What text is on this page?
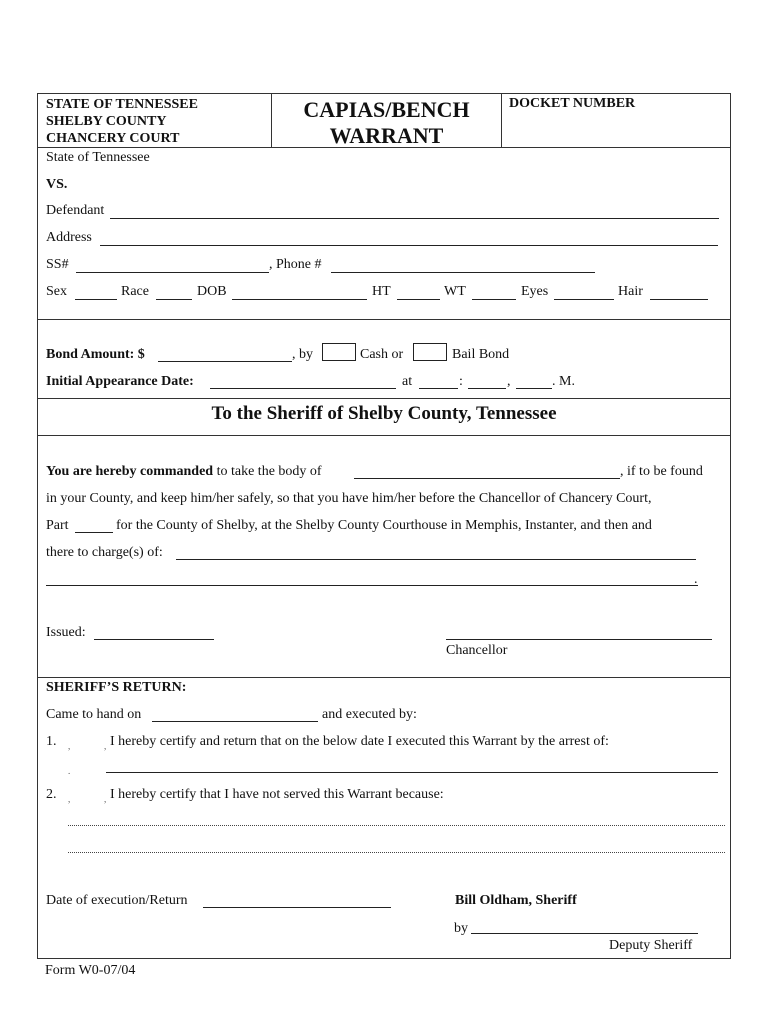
STATE OF TENNESSEE
SHELBY COUNTY
CHANCERY COURT
CAPIAS/BENCH
WARRANT
DOCKET NUMBER
State of Tennessee
VS.
Defendant
Address
SS#	, Phone #
Sex	Race	DOB	HT	WT	Eyes	Hair
Bond Amount: $	, by	Cash or	Bail Bond
Initial Appearance Date:	at	:	,	. M.
To the Sheriff of Shelby County, Tennessee
You are hereby commanded to take the body of	, if to be found
in your County, and keep him/her safely, so that you have him/her before the Chancellor of Chancery Court,
Part	for the County of Shelby, at the Shelby County Courthouse in Memphis, Instanter, and then and
there to charge(s) of:
.
Issued:
Chancellor
SHERIFF’S RETURN:
Came to hand on	and executed by:
1. ,	, I hereby certify and return that on the below date I executed this Warrant by the arrest of:
.
2. ,	, I hereby certify that I have not served this Warrant because:
Date of execution/Return	Bill Oldham, Sheriff
by
Deputy Sheriff
Form W0-07/04
